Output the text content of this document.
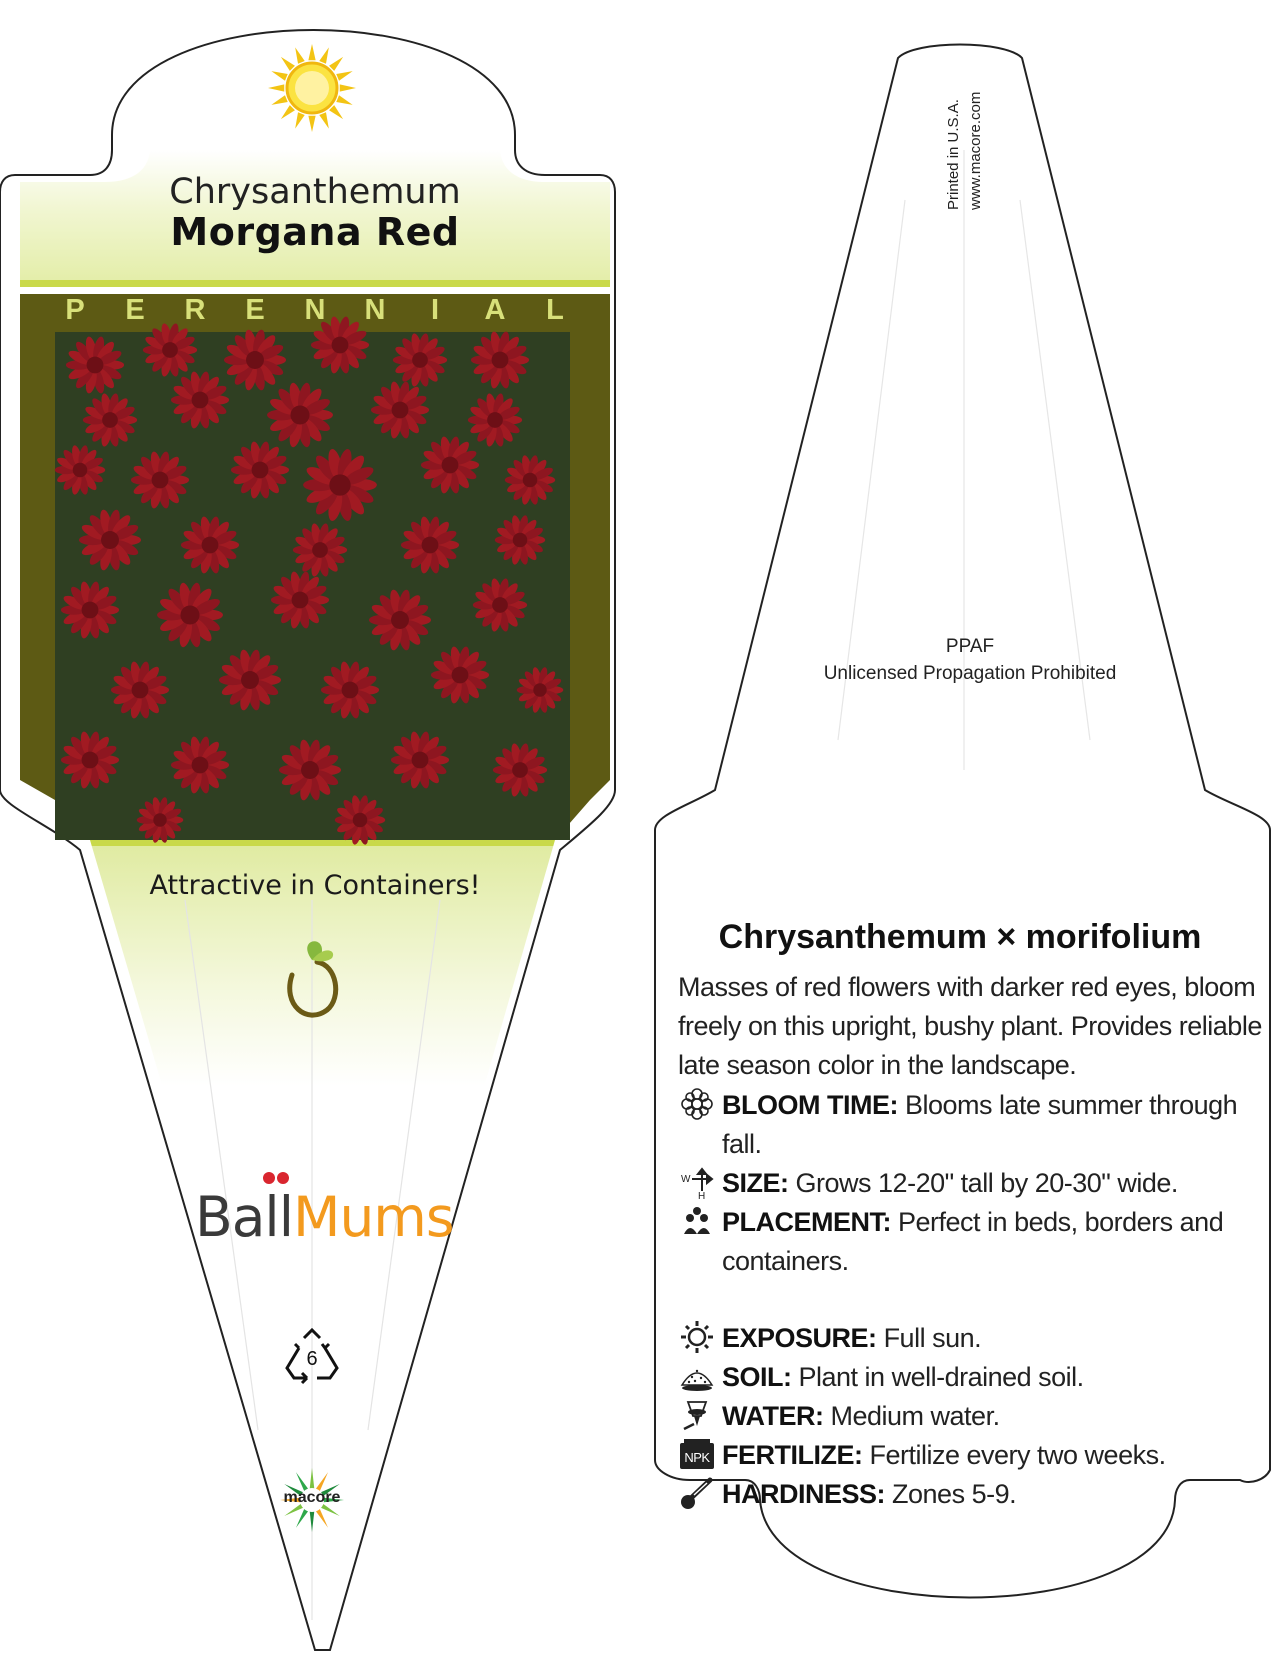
Chrysanthemum
Morgana Red
P E R E N N	I	A L
Attractive in Containers!
BallMums
6
macore
Printed in U.S.A. www.macore.com
PPAF
Unlicensed Propagation Prohibited
Chrysanthemum × morifolium
Masses of red flowers with darker red eyes, bloom freely on this upright, bushy plant. Provides reliable late season color in the landscape.
BLOOM TIME: Blooms late summer through fall.
W
H SIZE: Grows 12-20" tall by 20-30" wide.
PLACEMENT: Perfect in beds, borders and containers.
EXPOSURE: Full sun.
SOIL: Plant in well-drained soil.
WATER: Medium water.
NPK FERTILIZE: Fertilize every two weeks.
HARDINESS: Zones 5-9.
